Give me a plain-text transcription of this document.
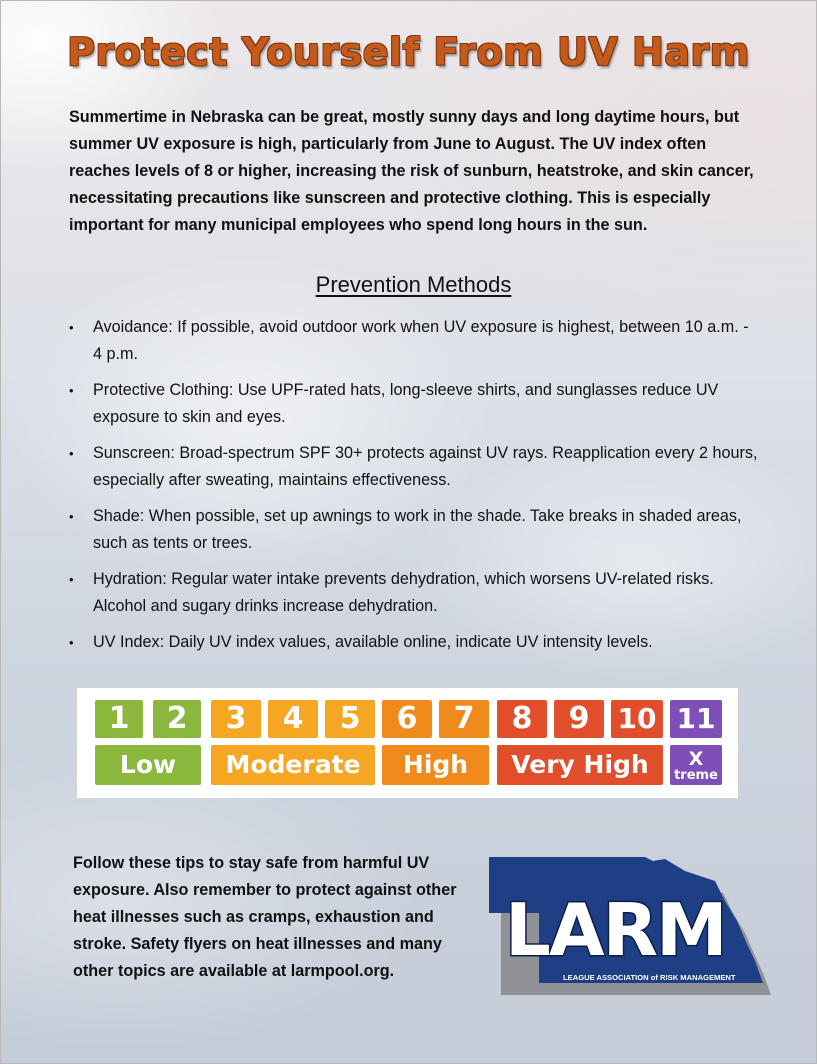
Protect Yourself From UV Harm

Summertime in Nebraska can be great, mostly sunny days and long daytime hours, but summer UV exposure is high, particularly from June to August. The UV index often reaches levels of 8 or higher, increasing the risk of sunburn, heatstroke, and skin cancer, necessitating precautions like sunscreen and protective clothing. This is especially important for many municipal employees who spend long hours in the sun.

Prevention Methods
• Avoidance: If possible, avoid outdoor work when UV exposure is highest, between 10 a.m. - 4 p.m.
• Protective Clothing: Use UPF-rated hats, long-sleeve shirts, and sunglasses reduce UV exposure to skin and eyes.
• Sunscreen: Broad-spectrum SPF 30+ protects against UV rays. Reapplication every 2 hours, especially after sweating, maintains effectiveness.
• Shade: When possible, set up awnings to work in the shade. Take breaks in shaded areas, such as tents or trees.
• Hydration: Regular water intake prevents dehydration, which worsens UV-related risks. Alcohol and sugary drinks increase dehydration.
• UV Index: Daily UV index values, available online, indicate UV intensity levels.
1	2	3	4	5	6	7	8	9	10 11
Low	Moderate	High	Very High	X
treme

Follow these tips to stay safe from harmful UV exposure. Also remember to protect against other heat illnesses such as cramps, exhaustion and stroke. Safety flyers on heat illnesses and many other topics are available at larmpool.org.	LARM
LEAGUE ASSOCIATION of RISK MANAGEMENT
